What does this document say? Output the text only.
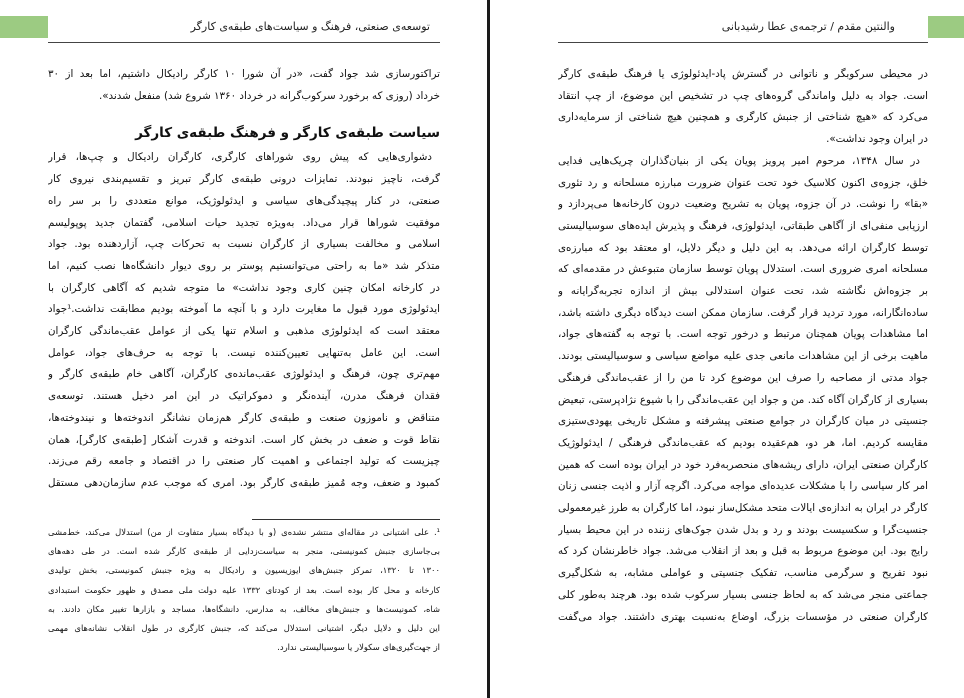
توسعه‌ی صنعتی، فرهنگ و سیاست‌های طبقه‌ی کارگر

تراکتورسازی شد جواد گفت، «در آن شورا ۱۰ کارگر رادیکال داشتیم، اما بعد از ۳۰
خرداد (روزی که برخورد سرکوب‌گرانه در خرداد ۱۳۶۰ شروع شد) منفعل شدند».

سیاست طبقه‌ی کارگر و فرهنگ طبقه‌ی کارگر

دشواری‌هایی که پیش روی شوراهای کارگری، کارگران رادیکال و چپ‌ها، قرار
گرفت، ناچیز نبودند. تمایزات درونی طبقه‌ی کارگر تبریز و تقسیم‌بندی نیروی کار
صنعتی، در کنار پیچیدگی‌های سیاسی و ایدئولوژیک، موانع متعددی را بر سر راه
موفقیت شوراها قرار می‌داد. به‌ویژه تجدید حیات اسلامی، گفتمان جدید پوپولیسم
اسلامی و مخالفت بسیاری از کارگران نسبت به تحرکات چپ، آزاردهنده بود. جواد
متذکر شد «ما به راحتی می‌توانستیم پوستر بر روی دیوار دانشگاه‌ها نصب کنیم، اما
در کارخانه امکان چنین کاری وجود نداشت» ما متوجه شدیم که آگاهی کارگران با
ایدئولوژی مورد قبول ما مغایرت دارد و با آنچه ما آموخته بودیم مطابقت نداشت.¹جواد
معتقد است که ایدئولوژی مذهبی و اسلام تنها یکی از عوامل عقب‌ماندگی کارگران
است. این عامل به‌تنهایی تعیین‌کننده نیست. با توجه به حرف‌های جواد، عوامل
مهم‌تری چون، فرهنگ و ایدئولوژی عقب‌مانده‌ی کارگران، آگاهی خام طبقه‌ی کارگر و
فقدان فرهنگ مدرن، آینده‌نگر و دموکراتیک در این امر دخیل هستند. توسعه‌ی
متناقض و ناموزون صنعت و طبقه‌ی کارگر هم‌زمان نشانگر اندوخته‌ها و نیندوخته‌ها،
نقاط قوت و ضعف در بخش کار است. اندوخته و قدرت آشکار [طبقه‌ی کارگر]، همان
چیزیست که تولید اجتماعی و اهمیت کار صنعتی را در اقتصاد و جامعه رقم می‌زند.
کمبود و ضعف، وجه مُمیز طبقه‌ی کارگر بود. امری که موجب عدم سازمان‌دهی مستقل

¹. علی اشتیانی در مقاله‌ای منتشر نشده‌ی (و با دیدگاه بسیار متفاوت از من) استدلال می‌کند، خط‌مشی
بی‌جاسازی جنبش کمونیستی، منجر به سیاست‌زدایی از طبقه‌ی کارگر شده است. در طی دهه‌های
۱۳۰۰ تا ۱۳۲۰، تمرکز جنبش‌های ایوزیسیون و رادیکال به ویژه جنبش کمونیستی، بخش تولیدی
کارخانه و محل کار بوده است. بعد از کودتای ۱۳۳۲ علیه دولت ملی مصدق و ظهور حکومت استبدادی
شاه، کمونیست‌ها و جنبش‌های مخالف، به مدارس، دانشگاه‌ها، مساجد و بازارها تغییر مکان دادند. به
این دلیل و دلایل دیگر، اشتیانی استدلال می‌کند که، جنبش کارگری در طول انقلاب نشانه‌های مهمی
از جهت‌گیری‌های سکولار یا سوسیالیستی ندارد.
والنتین مقدم / ترجمه‌ی عطا رشیدبانی

در محیطی سرکوبگر و ناتوانی در گسترش پاد-ایدئولوژی یا فرهنگ طبقه‌ی کارگر
است. جواد به دلیل واماندگی گروه‌های چپ در تشخیص این موضوع، از چپ انتقاد
می‌کرد که «هیچ شناختی از جنبش کارگری و همچنین هیچ شناختی از سرمایه‌داری
در ایران وجود نداشت».

در سال ۱۳۴۸، مرحوم امیر پرویز پویان یکی از بنیان‌گذاران چریک‌هایی فدایی
خلق، جزوه‌ی اکنون کلاسیک خود تحت عنوان ضرورت مبارزه مسلحانه و رد تئوری
«بقا» را نوشت. در آن جزوه، پویان به تشریح وضعیت درون کارخانه‌ها می‌پردازد و
ارزیابی منفی‌ای از آگاهی طبقاتی، ایدئولوژی، فرهنگ و پذیرش ایده‌های سوسیالیستی
توسط کارگران ارائه می‌دهد. به این دلیل و دیگر دلایل، او معتقد بود که مبارزه‌ی
مسلحانه امری ضروری است. استدلال پویان توسط سازمان متبوعش در مقدمه‌ای که
بر جزوه‌اش نگاشته شد، تحت عنوان استدلالی بیش از اندازه تجربه‌گرایانه و
ساده‌انگارانه، مورد تردید قرار گرفت. سازمان ممکن است دیدگاه دیگری داشته باشد،
اما مشاهدات پویان همچنان مرتبط و درخور توجه است. با توجه به گفته‌های جواد،
ماهیت برخی از این مشاهدات مانعی جدی علیه مواضع سیاسی و سوسیالیستی بودند.
جواد مدتی از مصاحبه را صرف این موضوع کرد تا من را از عقب‌ماندگی فرهنگی
بسیاری از کارگران آگاه کند. من و جواد این عقب‌ماندگی را با شیوع نژادپرستی، تبعیض
جنسیتی در میان کارگران در جوامع صنعتی پیشرفته و مشکل تاریخی یهودی‌ستیزی
مقایسه کردیم. اما، هر دو، هم‌عقیده بودیم که عقب‌ماندگی فرهنگی / ایدئولوژیک
کارگران صنعتی ایران، دارای ریشه‌های منحصربه‌فرد خود در ایران بوده است که همین
امر کار سیاسی را با مشکلات عدیده‌ای مواجه می‌کرد. اگرچه آزار و اذیت جنسی زنان
کارگر در ایران به اندازه‌ی ایالات متحد مشکل‌ساز نبود، اما کارگران به طرز غیرمعمولی
جنسیت‌گرا و سکسیست بودند و رد و بدل شدن جوک‌های زننده در این محیط بسیار
رایج بود. این موضوع مربوط به قبل و بعد از انقلاب می‌شد. جواد خاطرنشان کرد که
نبود تفریح و سرگرمی مناسب، تفکیک جنسیتی و عواملی مشابه، به شکل‌گیری
جماعتی منجر می‌شد که به لحاظ جنسی بسیار سرکوب شده بود. هرچند به‌طور کلی
کارگران صنعتی در مؤسسات بزرگ، اوضاع به‌نسبت بهتری داشتند. جواد می‌گفت
